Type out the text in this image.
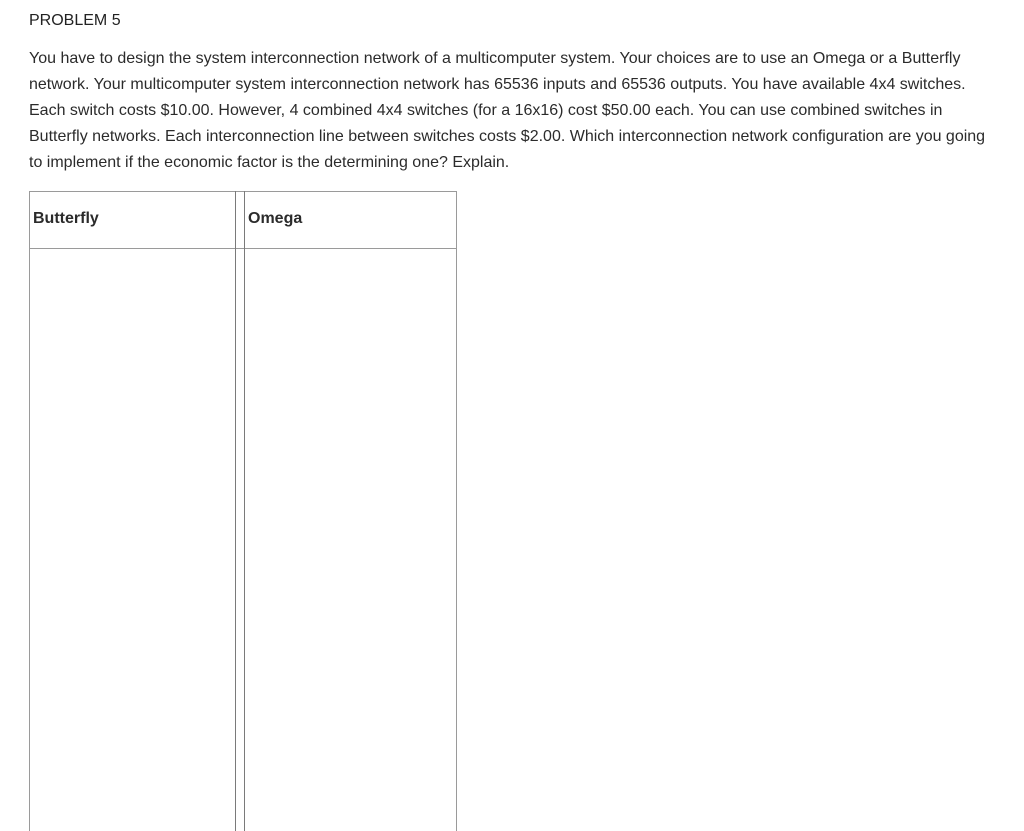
PROBLEM 5

You have to design the system interconnection network of a multicomputer system. Your choices are to use an Omega or a Butterfly network. Your multicomputer system interconnection network has 65536 inputs and 65536 outputs. You have available 4x4 switches. Each switch costs $10.00. However, 4 combined 4x4 switches (for a 16x16) cost $50.00 each. You can use combined switches in Butterfly networks. Each interconnection line between switches costs $2.00. Which interconnection network configuration are you going to implement if the economic factor is the determining one? Explain.

Butterfly	Omega
